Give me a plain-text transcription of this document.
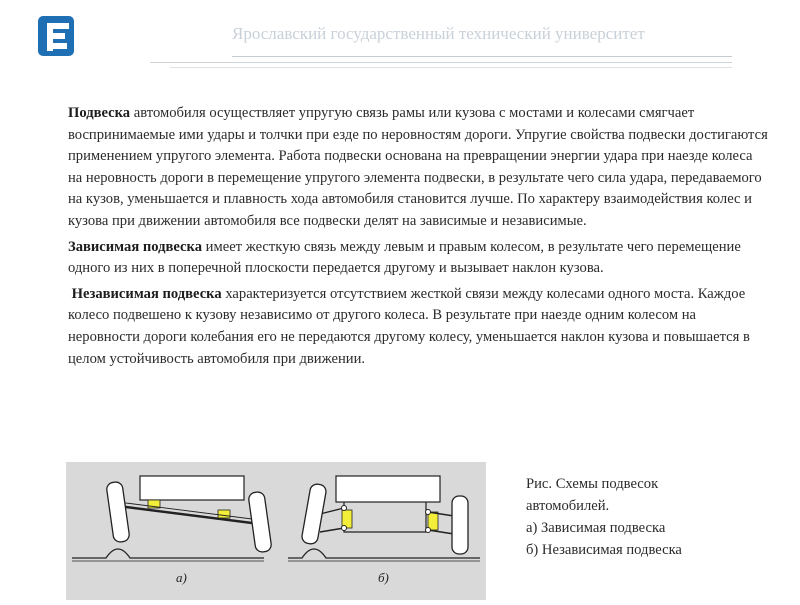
Ярославский государственный технический университет

Подвеска автомобиля осуществляет упругую связь рамы или кузова с мостами и колесами смягчает воспринимаемые ими удары и толчки при езде по неровностям дороги. Упругие свойства подвески достигаются применением упругого элемента. Работа подвески основана на превращении энергии удара при наезде колеса на неровность дороги в перемещение упругого элемента подвески, в результате чего сила удара, передаваемого на кузов, уменьшается и плавность хода автомобиля становится лучше. По характеру взаимодействия колес и кузова при движении автомобиля все подвески делят на зависимые и независимые.

Зависимая подвеска имеет жесткую связь между левым и правым колесом, в результате чего перемещение одного из них в поперечной плоскости передается другому и вызывает наклон кузова.

Независимая подвеска характеризуется отсутствием жесткой связи между колесами одного моста. Каждое колесо подвешено к кузову независимо от другого колеса. В результате при наезде одним колесом на неровности дороги колебания его не передаются другому колесу, уменьшается наклон кузова и повышается в целом устойчивость автомобиля при движении.

а)	б)
Рис. Схемы подвесок
автомобилей.
а) Зависимая подвеска
б) Независимая подвеска
